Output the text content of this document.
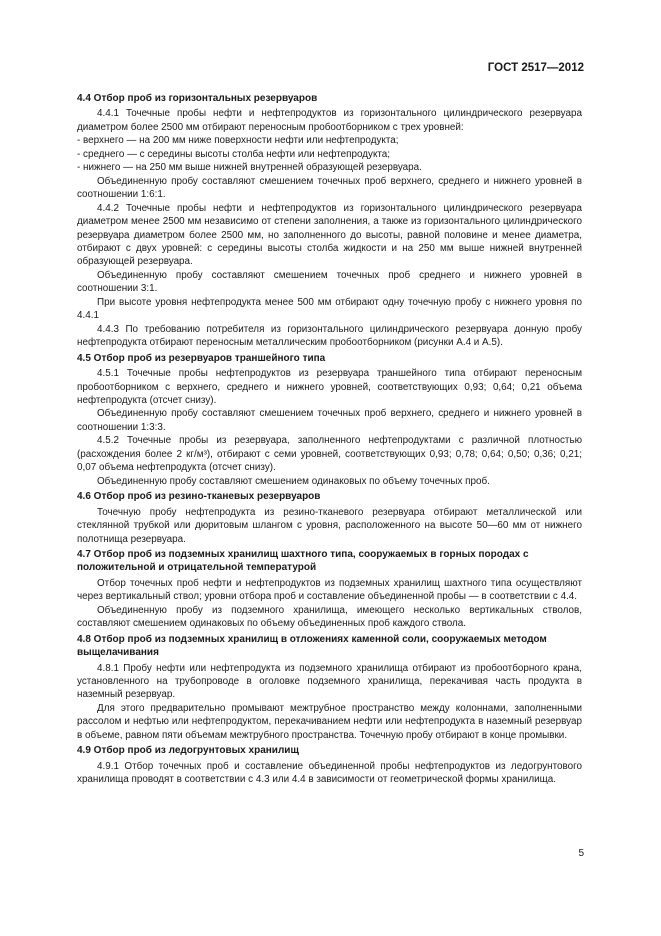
ГОСТ 2517—2012
4.4 Отбор проб из горизонтальных резервуаров

4.4.1 Точечные пробы нефти и нефтепродуктов из горизонтального цилиндрического резервуара диаметром более 2500 мм отбирают переносным пробоотборником с трех уровней:

- верхнего — на 200 мм ниже поверхности нефти или нефтепродукта;

- среднего — с середины высоты столба нефти или нефтепродукта;

- нижнего — на 250 мм выше нижней внутренней образующей резервуара.

Объединенную пробу составляют смешением точечных проб верхнего, среднего и нижнего уровней в соотношении 1:6:1.

4.4.2 Точечные пробы нефти и нефтепродуктов из горизонтального цилиндрического резервуара диаметром менее 2500 мм независимо от степени заполнения, а также из горизонтального цилиндрического резервуара диаметром более 2500 мм, но заполненного до высоты, равной половине и менее диаметра, отбирают с двух уровней: с середины высоты столба жидкости и на 250 мм выше нижней внутренней образующей резервуара.

Объединенную пробу составляют смешением точечных проб среднего и нижнего уровней в соотношении 3:1.

При высоте уровня нефтепродукта менее 500 мм отбирают одну точечную пробу с нижнего уровня по 4.4.1

4.4.3 По требованию потребителя из горизонтального цилиндрического резервуара донную пробу нефтепродукта отбирают переносным металлическим пробоотборником (рисунки А.4 и А.5).

4.5 Отбор проб из резервуаров траншейного типа

4.5.1 Точечные пробы нефтепродуктов из резервуара траншейного типа отбирают переносным пробоотборником с верхнего, среднего и нижнего уровней, соответствующих 0,93; 0,64; 0,21 объема нефтепродукта (отсчет снизу).

Объединенную пробу составляют смешением точечных проб верхнего, среднего и нижнего уровней в соотношении 1:3:3.

4.5.2 Точечные пробы из резервуара, заполненного нефтепродуктами с различной плотностью (расхождения более 2 кг/м³), отбирают с семи уровней, соответствующих 0,93; 0,78; 0,64; 0,50; 0,36; 0,21; 0,07 объема нефтепродукта (отсчет снизу).

Объединенную пробу составляют смешением одинаковых по объему точечных проб.

4.6 Отбор проб из резино-тканевых резервуаров

Точечную пробу нефтепродукта из резино-тканевого резервуара отбирают металлической или стеклянной трубкой или дюритовым шлангом с уровня, расположенного на высоте 50—60 мм от нижнего полотнища резервуара.

4.7 Отбор проб из подземных хранилищ шахтного типа, сооружаемых в горных породах с положительной и отрицательной температурой

Отбор точечных проб нефти и нефтепродуктов из подземных хранилищ шахтного типа осуществляют через вертикальный ствол; уровни отбора проб и составление объединенной пробы — в соответствии с 4.4.

Объединенную пробу из подземного хранилища, имеющего несколько вертикальных стволов, составляют смешением одинаковых по объему объединенных проб каждого ствола.

4.8 Отбор проб из подземных хранилищ в отложениях каменной соли, сооружаемых методом выщелачивания

4.8.1 Пробу нефти или нефтепродукта из подземного хранилища отбирают из пробоотборного крана, установленного на трубопроводе в оголовке подземного хранилища, перекачивая часть продукта в наземный резервуар.

Для этого предварительно промывают межтрубное пространство между колоннами, заполненными рассолом и нефтью или нефтепродуктом, перекачиванием нефти или нефтепродукта в наземный резервуар в объеме, равном пяти объемам межтрубного пространства. Точечную пробу отбирают в конце промывки.

4.9 Отбор проб из ледогрунтовых хранилищ

4.9.1 Отбор точечных проб и составление объединенной пробы нефтепродуктов из ледогрунтового хранилища проводят в соответствии с 4.3 или 4.4 в зависимости от геометрической формы хранилища.

5
